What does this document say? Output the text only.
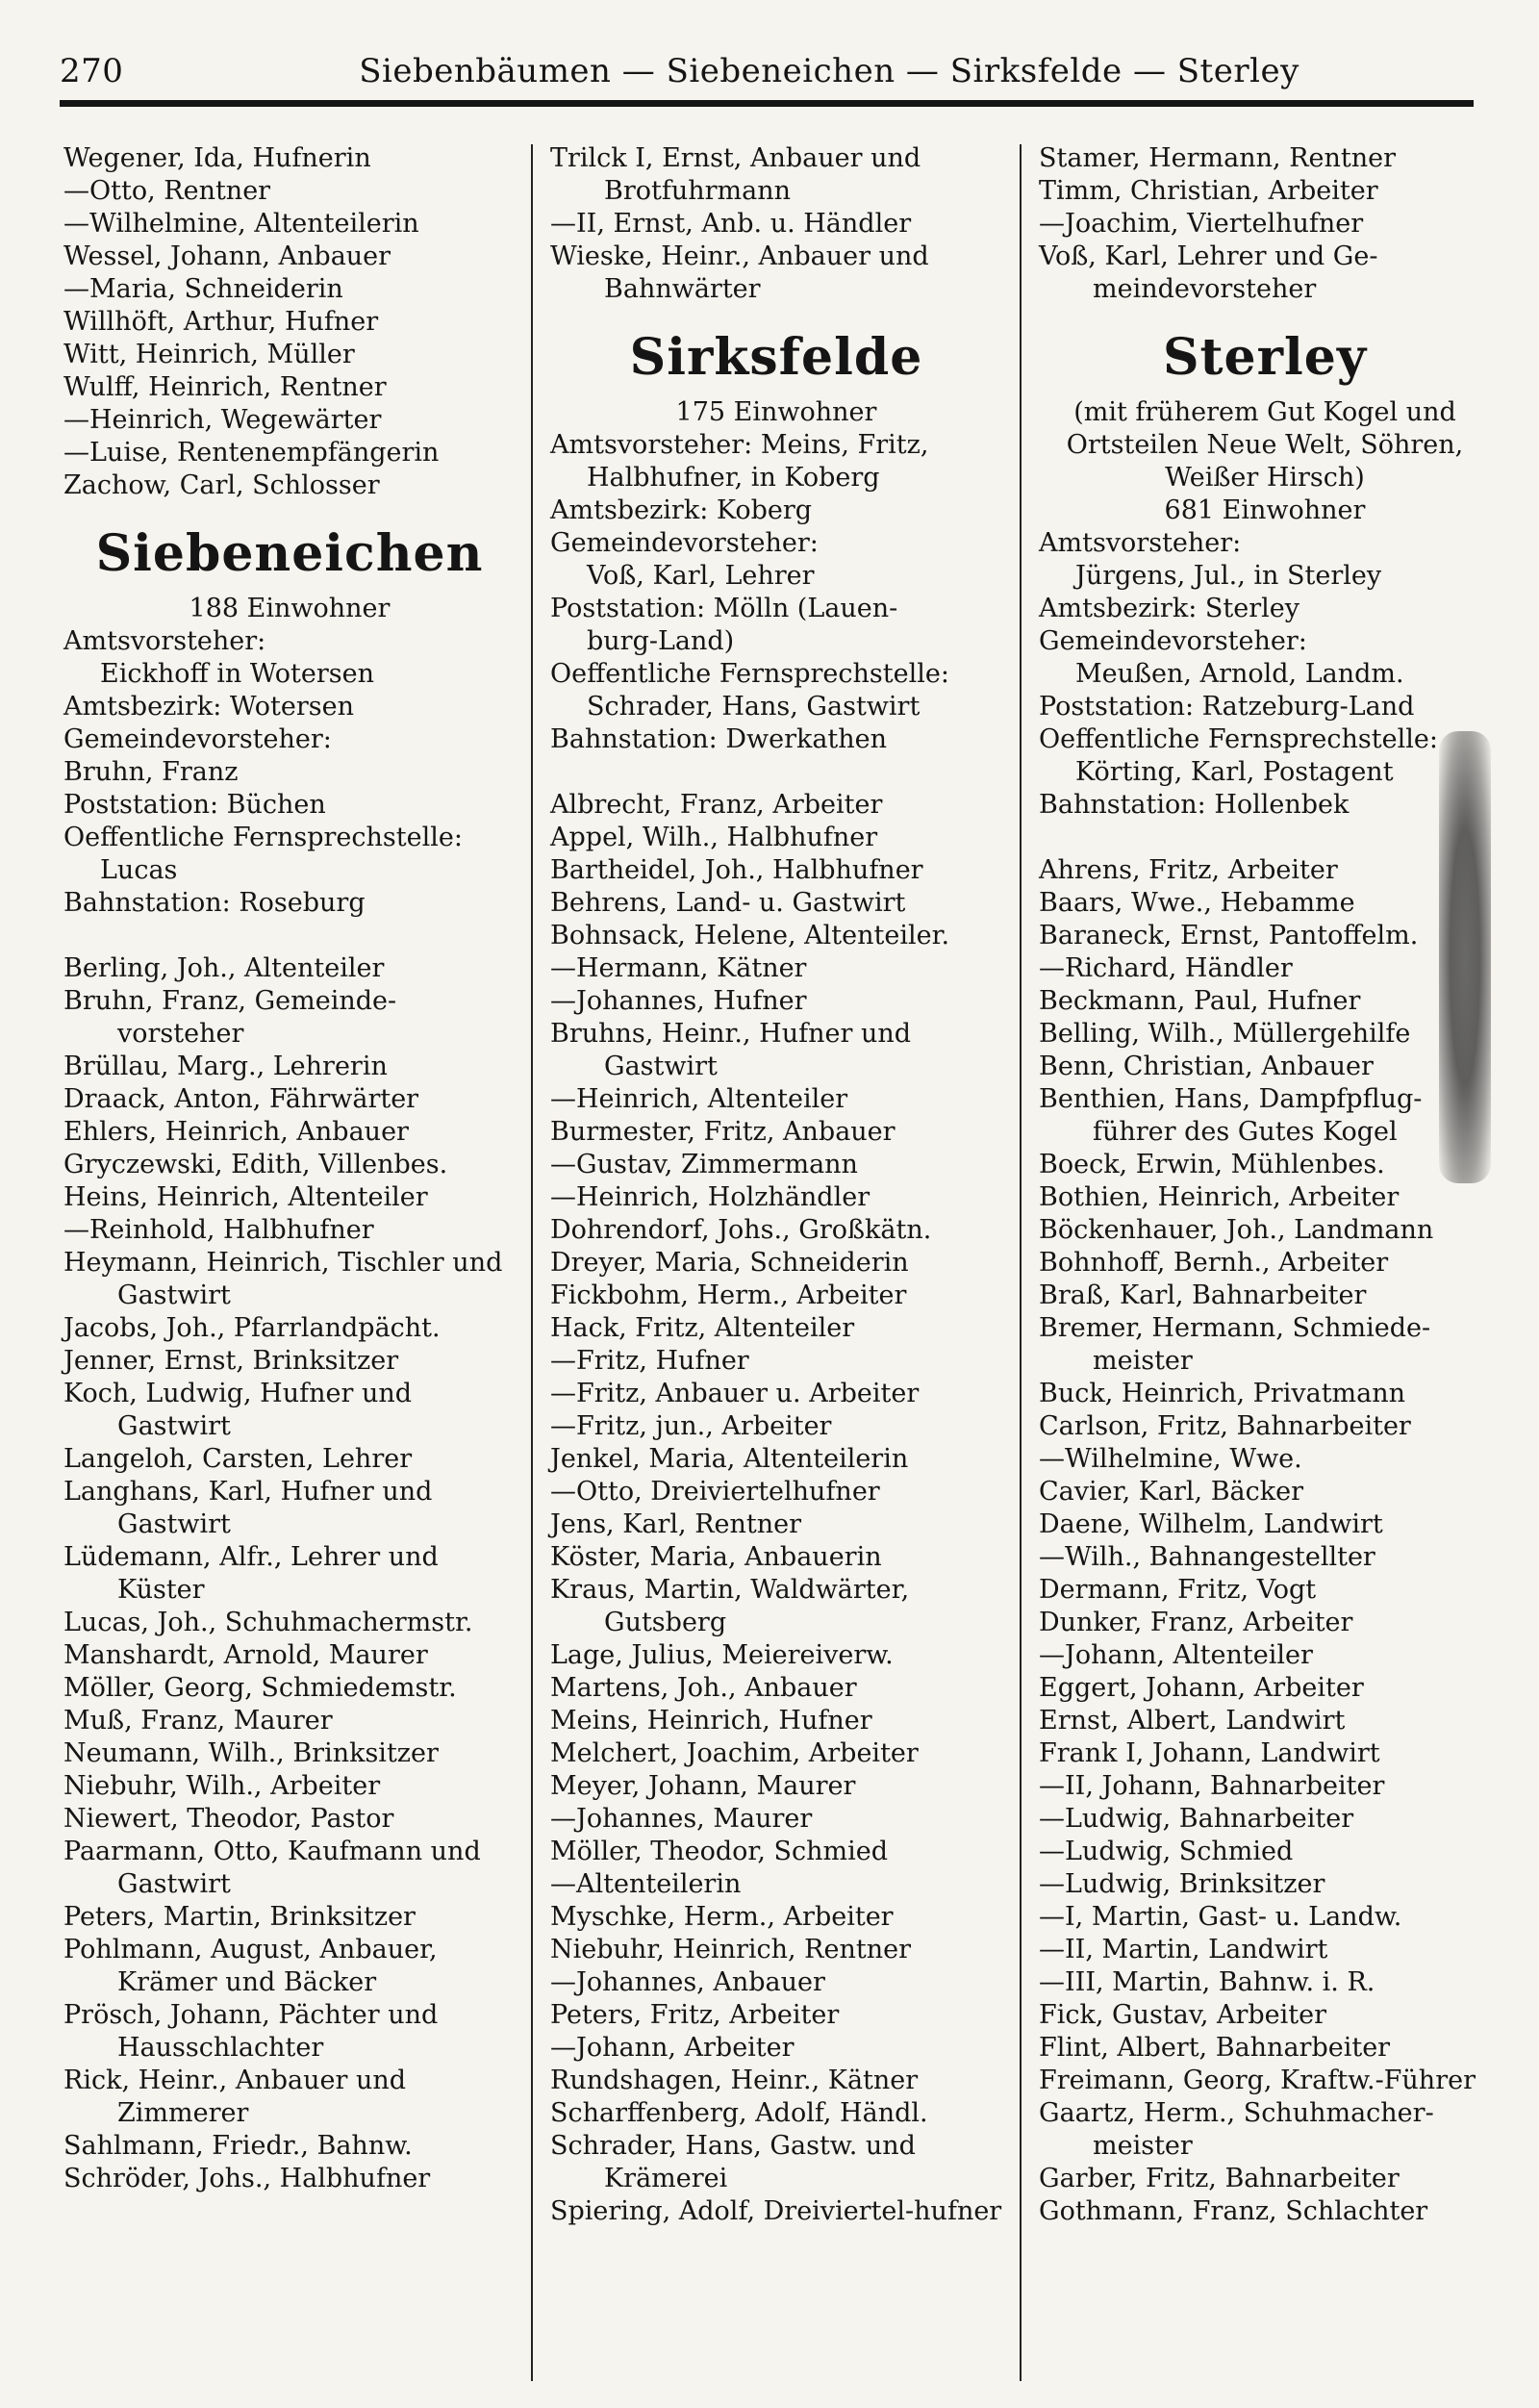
270	Siebenbäumen — Siebeneichen — Sirksfelde — Sterley
Wegener, Ida, Hufnerin
—Otto, Rentner
—Wilhelmine, Altenteilerin
Wessel, Johann, Anbauer
—Maria, Schneiderin
Willhöft, Arthur, Hufner
Witt, Heinrich, Müller
Wulff, Heinrich, Rentner
—Heinrich, Wegewärter
—Luise, Rentenempfängerin
Zachow, Carl, Schlosser
Siebeneichen
188 Einwohner
Amtsvorsteher:
Eickhoff in Wotersen
Amtsbezirk: Wotersen
Gemeindevorsteher:
Bruhn, Franz
Poststation: Büchen
Oeffentliche Fernsprechstelle:
Lucas
Bahnstation: Roseburg
Berling, Joh., Altenteiler
Bruhn, Franz, Gemeinde-vorsteher
Brüllau, Marg., Lehrerin
Draack, Anton, Fährwärter
Ehlers, Heinrich, Anbauer
Gryczewski, Edith, Villenbes.
Heins, Heinrich, Altenteiler
—Reinhold, Halbhufner
Heymann, Heinrich, Tischler und Gastwirt
Jacobs, Joh., Pfarrlandpächt.
Jenner, Ernst, Brinksitzer
Koch, Ludwig, Hufner und Gastwirt
Langeloh, Carsten, Lehrer
Langhans, Karl, Hufner und Gastwirt
Lüdemann, Alfr., Lehrer und Küster
Lucas, Joh., Schuhmachermstr.
Manshardt, Arnold, Maurer
Möller, Georg, Schmiedemstr.
Muß, Franz, Maurer
Neumann, Wilh., Brinksitzer
Niebuhr, Wilh., Arbeiter
Niewert, Theodor, Pastor
Paarmann, Otto, Kaufmann und Gastwirt
Peters, Martin, Brinksitzer
Pohlmann, August, Anbauer, Krämer und Bäcker
Prösch, Johann, Pächter und Hausschlachter
Rick, Heinr., Anbauer und Zimmerer
Sahlmann, Friedr., Bahnw.
Schröder, Johs., Halbhufner
Trilck I, Ernst, Anbauer und Brotfuhrmann
—II, Ernst, Anb. u. Händler
Wieske, Heinr., Anbauer und Bahnwärter
Sirksfelde
175 Einwohner
Amtsvorsteher: Meins, Fritz,
Halbhufner, in Koberg
Amtsbezirk: Koberg
Gemeindevorsteher:
Voß, Karl, Lehrer
Poststation: Mölln (Lauen-
burg-Land)
Oeffentliche Fernsprechstelle:
Schrader, Hans, Gastwirt
Bahnstation: Dwerkathen
Albrecht, Franz, Arbeiter
Appel, Wilh., Halbhufner
Bartheidel, Joh., Halbhufner
Behrens, Land- u. Gastwirt
Bohnsack, Helene, Altenteiler.
—Hermann, Kätner
—Johannes, Hufner
Bruhns, Heinr., Hufner und Gastwirt
—Heinrich, Altenteiler
Burmester, Fritz, Anbauer
—Gustav, Zimmermann
—Heinrich, Holzhändler
Dohrendorf, Johs., Großkätn.
Dreyer, Maria, Schneiderin
Fickbohm, Herm., Arbeiter
Hack, Fritz, Altenteiler
—Fritz, Hufner
—Fritz, Anbauer u. Arbeiter
—Fritz, jun., Arbeiter
Jenkel, Maria, Altenteilerin
—Otto, Dreiviertelhufner
Jens, Karl, Rentner
Köster, Maria, Anbauerin
Kraus, Martin, Waldwärter, Gutsberg
Lage, Julius, Meiereiverw.
Martens, Joh., Anbauer
Meins, Heinrich, Hufner
Melchert, Joachim, Arbeiter
Meyer, Johann, Maurer
—Johannes, Maurer
Möller, Theodor, Schmied
—Altenteilerin
Myschke, Herm., Arbeiter
Niebuhr, Heinrich, Rentner
—Johannes, Anbauer
Peters, Fritz, Arbeiter
—Johann, Arbeiter
Rundshagen, Heinr., Kätner
Scharffenberg, Adolf, Händl.
Schrader, Hans, Gastw. und Krämerei
Spiering, Adolf, Dreiviertel-hufner
Stamer, Hermann, Rentner
Timm, Christian, Arbeiter
—Joachim, Viertelhufner
Voß, Karl, Lehrer und Ge-meindevorsteher
Sterley
(mit früherem Gut Kogel und Ortsteilen Neue Welt, Söhren, Weißer Hirsch)
681 Einwohner
Amtsvorsteher:
Jürgens, Jul., in Sterley
Amtsbezirk: Sterley
Gemeindevorsteher:
Meußen, Arnold, Landm.
Poststation: Ratzeburg-Land
Oeffentliche Fernsprechstelle:
Körting, Karl, Postagent
Bahnstation: Hollenbek
Ahrens, Fritz, Arbeiter
Baars, Wwe., Hebamme
Baraneck, Ernst, Pantoffelm.
—Richard, Händler
Beckmann, Paul, Hufner
Belling, Wilh., Müllergehilfe
Benn, Christian, Anbauer
Benthien, Hans, Dampfpflug-führer des Gutes Kogel
Boeck, Erwin, Mühlenbes.
Bothien, Heinrich, Arbeiter
Böckenhauer, Joh., Landmann
Bohnhoff, Bernh., Arbeiter
Braß, Karl, Bahnarbeiter
Bremer, Hermann, Schmiede-meister
Buck, Heinrich, Privatmann
Carlson, Fritz, Bahnarbeiter
—Wilhelmine, Wwe.
Cavier, Karl, Bäcker
Daene, Wilhelm, Landwirt
—Wilh., Bahnangestellter
Dermann, Fritz, Vogt
Dunker, Franz, Arbeiter
—Johann, Altenteiler
Eggert, Johann, Arbeiter
Ernst, Albert, Landwirt
Frank I, Johann, Landwirt
—II, Johann, Bahnarbeiter
—Ludwig, Bahnarbeiter
—Ludwig, Schmied
—Ludwig, Brinksitzer
—I, Martin, Gast- u. Landw.
—II, Martin, Landwirt
—III, Martin, Bahnw. i. R.
Fick, Gustav, Arbeiter
Flint, Albert, Bahnarbeiter
Freimann, Georg, Kraftw.-Führer
Gaartz, Herm., Schuhmacher-meister
Garber, Fritz, Bahnarbeiter
Gothmann, Franz, Schlachter
